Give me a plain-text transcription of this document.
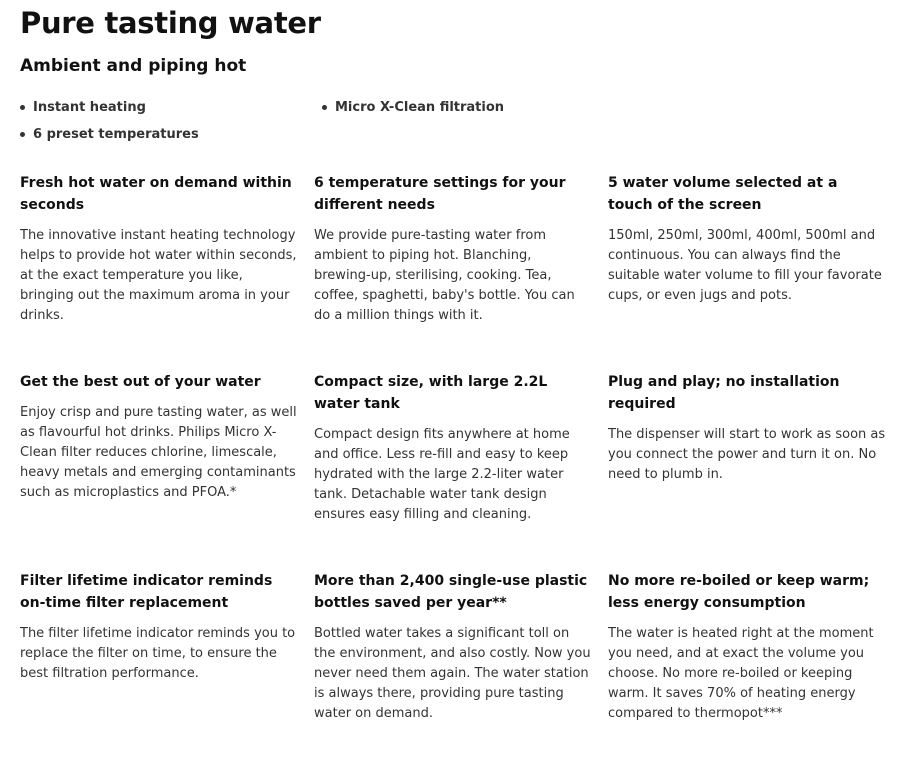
Pure tasting water
Ambient and piping hot
Instant heating	Micro X-Clean filtration
6 preset temperatures
Fresh hot water on demand within seconds

The innovative instant heating technology helps to provide hot water within seconds, at the exact temperature you like, bringing out the maximum aroma in your drinks.

6 temperature settings for your different needs

We provide pure-tasting water from ambient to piping hot. Blanching, brewing-up, sterilising, cooking. Tea, coffee, spaghetti, baby's bottle. You can do a million things with it.

5 water volume selected at a touch of the screen

150ml, 250ml, 300ml, 400ml, 500ml and continuous. You can always find the suitable water volume to fill your favorate cups, or even jugs and pots.

Get the best out of your water

Enjoy crisp and pure tasting water, as well as flavourful hot drinks. Philips Micro X-Clean filter reduces chlorine, limescale, heavy metals and emerging contaminants such as microplastics and PFOA.*

Compact size, with large 2.2L water tank

Compact design fits anywhere at home and office. Less re-fill and easy to keep hydrated with the large 2.2-liter water tank. Detachable water tank design ensures easy filling and cleaning.

Plug and play; no installation required

The dispenser will start to work as soon as you connect the power and turn it on. No need to plumb in.

Filter lifetime indicator reminds on-time filter replacement

The filter lifetime indicator reminds you to replace the filter on time, to ensure the best filtration performance.

More than 2,400 single-use plastic bottles saved per year**

Bottled water takes a significant toll on the environment, and also costly. Now you never need them again. The water station is always there, providing pure tasting water on demand.

No more re-boiled or keep warm; less energy consumption

The water is heated right at the moment you need, and at exact the volume you choose. No more re-boiled or keeping warm. It saves 70% of heating energy compared to thermopot***
